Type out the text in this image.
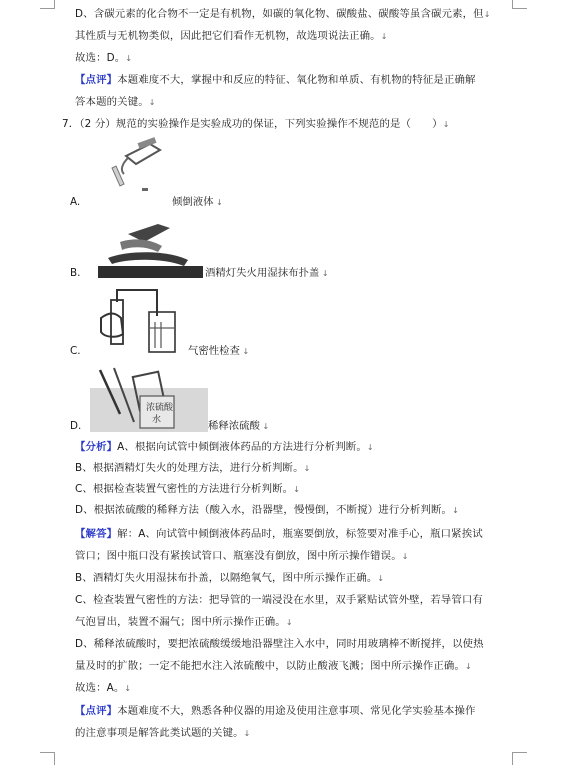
D、含碳元素的化合物不一定是有机物，如碳的氧化物、碳酸盐、碳酸等虽含碳元素，但↓
其性质与无机物类似，因此把它们看作无机物，故选项说法正确。↓
故选：D。↓
【点评】本题难度不大，掌握中和反应的特征、氧化物和单质、有机物的特征是正确解
答本题的关键。↓
7．（2 分）规范的实验操作是实验成功的保证，下列实验操作不规范的是（　　）↓
A.	倾倒液体 ↓
B.	酒精灯失火用湿抹布扑盖 ↓
C.	气密性检查 ↓
D.
浓硫酸
水	稀释浓硫酸 ↓
【分析】A、根据向试管中倾倒液体药品的方法进行分析判断。↓
B、根据酒精灯失火的处理方法，进行分析判断。↓
C、根据检查装置气密性的方法进行分析判断。↓
D、根据浓硫酸的稀释方法（酸入水，沿器壁，慢慢倒，不断搅）进行分析判断。↓
【解答】解：A、向试管中倾倒液体药品时，瓶塞要倒放，标签要对准手心，瓶口紧挨试
管口；图中瓶口没有紧挨试管口、瓶塞没有倒放，图中所示操作错误。↓
B、酒精灯失火用湿抹布扑盖，以隔绝氧气，图中所示操作正确。↓
C、检查装置气密性的方法：把导管的一端浸没在水里，双手紧贴试管外壁，若导管口有
气泡冒出，装置不漏气；图中所示操作正确。↓
D、稀释浓硫酸时，要把浓硫酸缓缓地沿器壁注入水中，同时用玻璃棒不断搅拌，以使热
量及时的扩散；一定不能把水注入浓硫酸中，以防止酸液飞溅；图中所示操作正确。↓
故选：A。↓
【点评】本题难度不大，熟悉各种仪器的用途及使用注意事项、常见化学实验基本操作
的注意事项是解答此类试题的关键。↓
